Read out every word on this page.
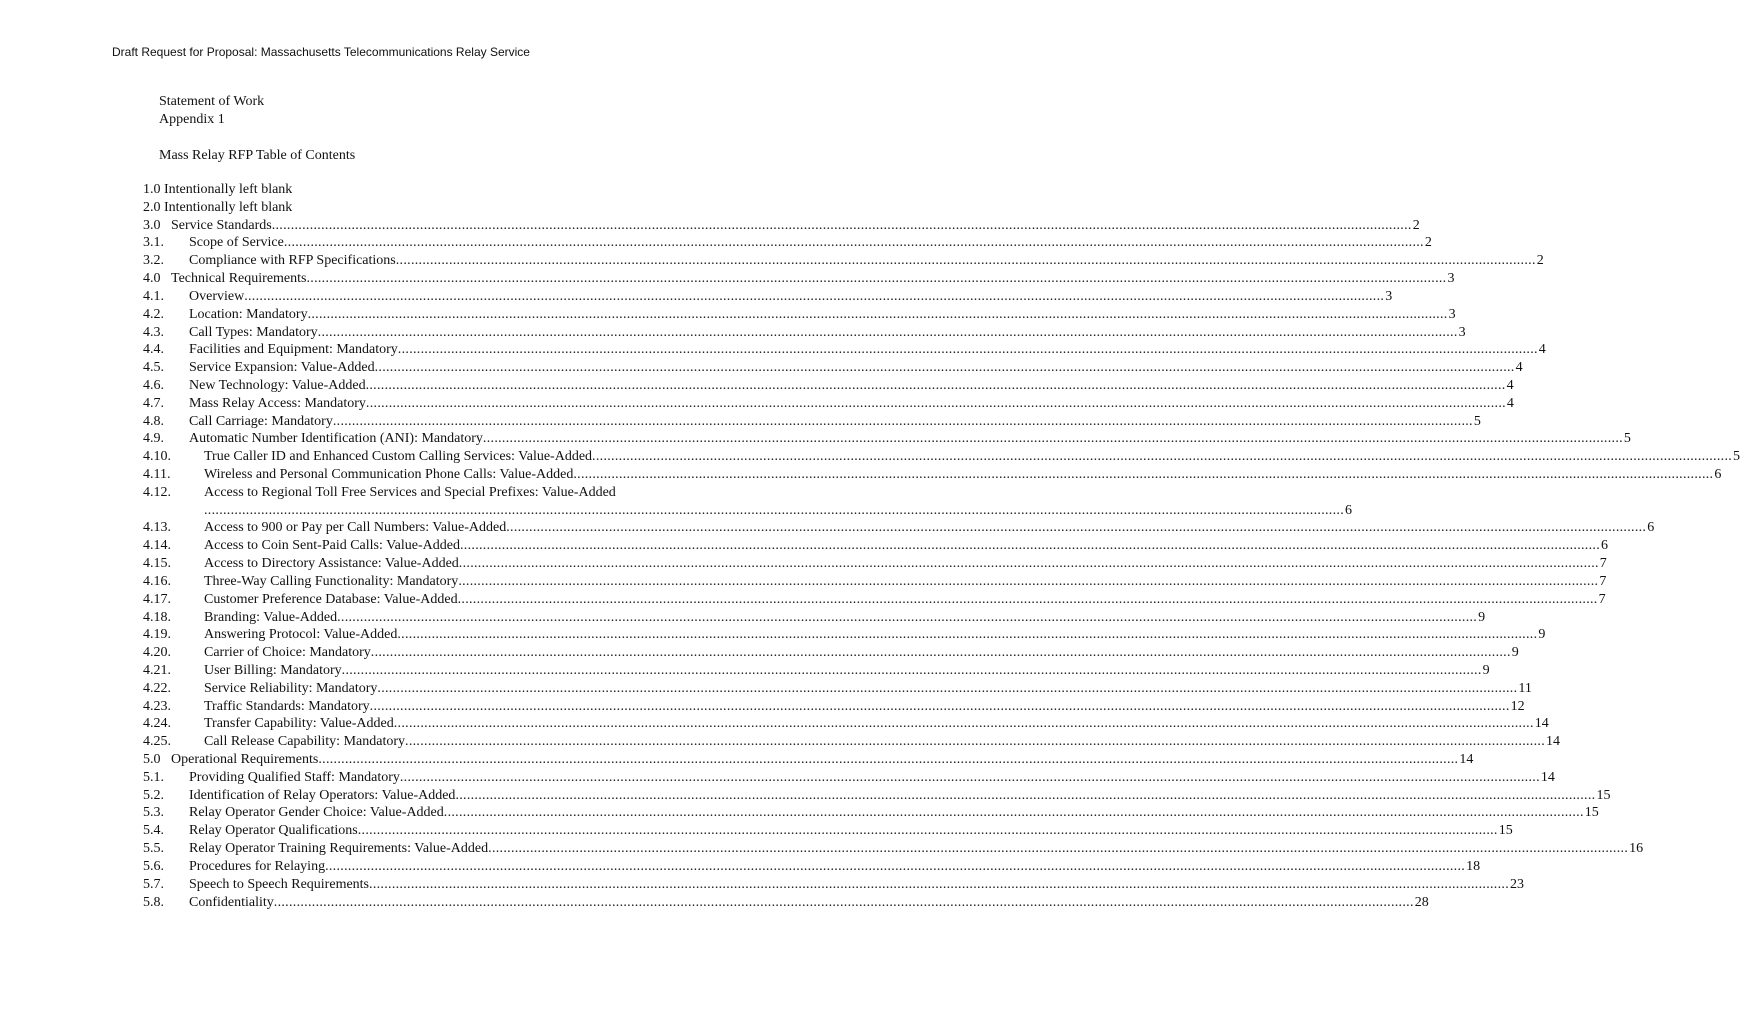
Draft Request for Proposal: Massachusetts Telecommunications Relay Service
Statement of Work
Appendix 1
Mass Relay RFP Table of Contents
1.0 Intentionally left blank
2.0 Intentionally left blank
3.0 Service Standards ............................................................................................................................................................................................................................................................................................................ 2
3.1. Scope of Service ............................................................................................................................................................................................................................................................................................................ 2
3.2. Compliance with RFP Specifications ............................................................................................................................................................................................................................................................................................................ 2
4.0 Technical Requirements ............................................................................................................................................................................................................................................................................................................ 3
4.1. Overview ............................................................................................................................................................................................................................................................................................................ 3
4.2. Location: Mandatory ............................................................................................................................................................................................................................................................................................................ 3
4.3. Call Types: Mandatory ............................................................................................................................................................................................................................................................................................................ 3
4.4. Facilities and Equipment: Mandatory ............................................................................................................................................................................................................................................................................................................ 4
4.5. Service Expansion: Value-Added ............................................................................................................................................................................................................................................................................................................ 4
4.6. New Technology: Value-Added ............................................................................................................................................................................................................................................................................................................ 4
4.7. Mass Relay Access: Mandatory ............................................................................................................................................................................................................................................................................................................ 4
4.8. Call Carriage: Mandatory ............................................................................................................................................................................................................................................................................................................ 5
4.9. Automatic Number Identification (ANI): Mandatory ............................................................................................................................................................................................................................................................................................................ 5
4.10. True Caller ID and Enhanced Custom Calling Services: Value-Added ............................................................................................................................................................................................................................................................................................................ 5
4.11. Wireless and Personal Communication Phone Calls: Value-Added ............................................................................................................................................................................................................................................................................................................ 6
4.12. Access to Regional Toll Free Services and Special Prefixes: Value-Added
............................................................................................................................................................................................................................................................................................................ 6
4.13. Access to 900 or Pay per Call Numbers: Value-Added ............................................................................................................................................................................................................................................................................................................ 6
4.14. Access to Coin Sent-Paid Calls: Value-Added ............................................................................................................................................................................................................................................................................................................ 6
4.15. Access to Directory Assistance: Value-Added ............................................................................................................................................................................................................................................................................................................ 7
4.16. Three-Way Calling Functionality: Mandatory ............................................................................................................................................................................................................................................................................................................ 7
4.17. Customer Preference Database: Value-Added ............................................................................................................................................................................................................................................................................................................ 7
4.18. Branding: Value-Added ............................................................................................................................................................................................................................................................................................................ 9
4.19. Answering Protocol: Value-Added ............................................................................................................................................................................................................................................................................................................ 9
4.20. Carrier of Choice: Mandatory ............................................................................................................................................................................................................................................................................................................ 9
4.21. User Billing: Mandatory ............................................................................................................................................................................................................................................................................................................ 9
4.22. Service Reliability: Mandatory ............................................................................................................................................................................................................................................................................................................ 11
4.23. Traffic Standards: Mandatory ............................................................................................................................................................................................................................................................................................................ 12
4.24. Transfer Capability: Value-Added ............................................................................................................................................................................................................................................................................................................ 14
4.25. Call Release Capability: Mandatory ............................................................................................................................................................................................................................................................................................................ 14
5.0 Operational Requirements ............................................................................................................................................................................................................................................................................................................ 14
5.1. Providing Qualified Staff: Mandatory ............................................................................................................................................................................................................................................................................................................ 14
5.2. Identification of Relay Operators: Value-Added ............................................................................................................................................................................................................................................................................................................ 15
5.3. Relay Operator Gender Choice: Value-Added ............................................................................................................................................................................................................................................................................................................ 15
5.4. Relay Operator Qualifications ............................................................................................................................................................................................................................................................................................................ 15
5.5. Relay Operator Training Requirements: Value-Added ............................................................................................................................................................................................................................................................................................................ 16
5.6. Procedures for Relaying ............................................................................................................................................................................................................................................................................................................ 18
5.7. Speech to Speech Requirements ............................................................................................................................................................................................................................................................................................................ 23
5.8. Confidentiality ............................................................................................................................................................................................................................................................................................................ 28
